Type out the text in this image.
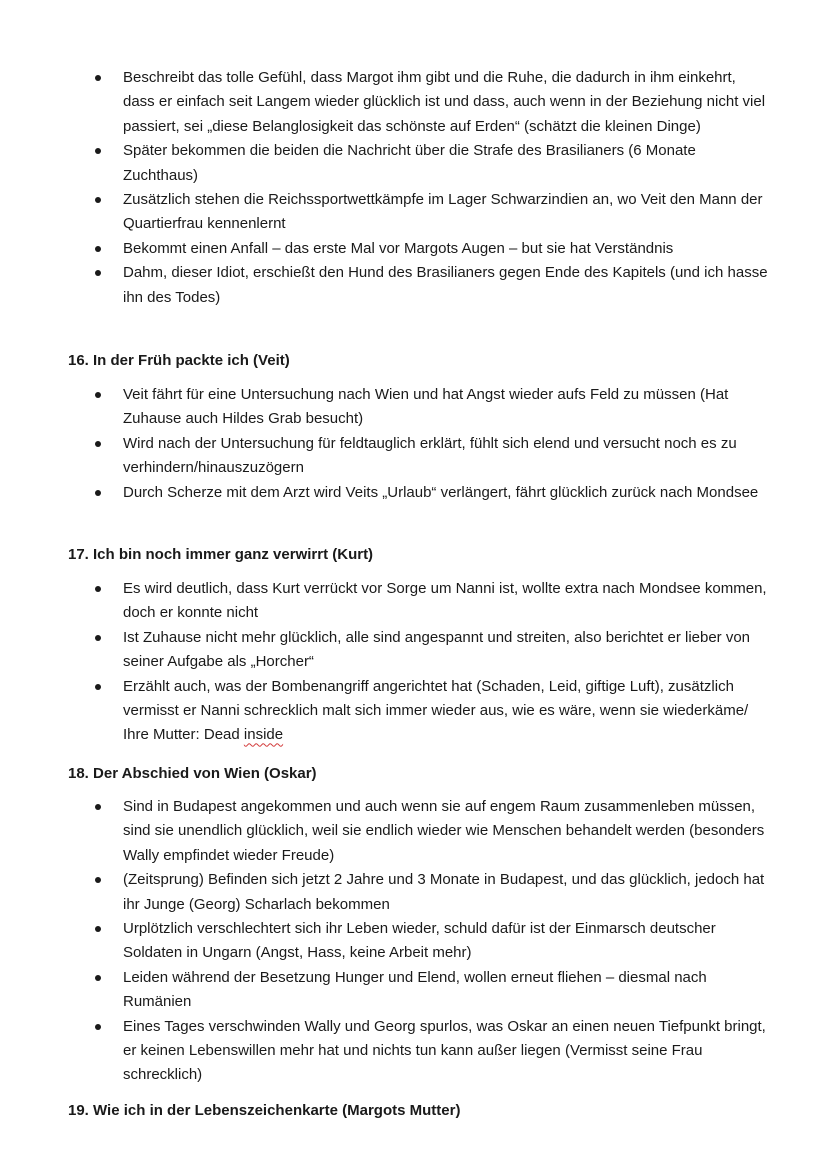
Beschreibt das tolle Gefühl, dass Margot ihm gibt und die Ruhe, die dadurch in ihm einkehrt, dass er einfach seit Langem wieder glücklich ist und dass, auch wenn in der Beziehung nicht viel passiert, sei „diese Belanglosigkeit das schönste auf Erden“ (schätzt die kleinen Dinge)
Später bekommen die beiden die Nachricht über die Strafe des Brasilianers (6 Monate Zuchthaus)
Zusätzlich stehen die Reichssportwettkämpfe im Lager Schwarzindien an, wo Veit den Mann der Quartierfrau kennenlernt
Bekommt einen Anfall – das erste Mal vor Margots Augen – but sie hat Verständnis
Dahm, dieser Idiot, erschießt den Hund des Brasilianers gegen Ende des Kapitels (und ich hasse ihn des Todes)
16. In der Früh packte ich (Veit)
Veit fährt für eine Untersuchung nach Wien und hat Angst wieder aufs Feld zu müssen (Hat Zuhause auch Hildes Grab besucht)
Wird nach der Untersuchung für feldtauglich erklärt, fühlt sich elend und versucht noch es zu verhindern/hinauszuzögern
Durch Scherze mit dem Arzt wird Veits „Urlaub“ verlängert, fährt glücklich zurück nach Mondsee
17. Ich bin noch immer ganz verwirrt (Kurt)
Es wird deutlich, dass Kurt verrückt vor Sorge um Nanni ist, wollte extra nach Mondsee kommen, doch er konnte nicht
Ist Zuhause nicht mehr glücklich, alle sind angespannt und streiten, also berichtet er lieber von seiner Aufgabe als „Horcher“
Erzählt auch, was der Bombenangriff angerichtet hat (Schaden, Leid, giftige Luft), zusätzlich vermisst er Nanni schrecklich malt sich immer wieder aus, wie es wäre, wenn sie wiederkäme/ Ihre Mutter: Dead inside
18. Der Abschied von Wien (Oskar)
Sind in Budapest angekommen und auch wenn sie auf engem Raum zusammenleben müssen, sind sie unendlich glücklich, weil sie endlich wieder wie Menschen behandelt werden (besonders Wally empfindet wieder Freude)
(Zeitsprung) Befinden sich jetzt 2 Jahre und 3 Monate in Budapest, und das glücklich, jedoch hat ihr Junge (Georg) Scharlach bekommen
Urplötzlich verschlechtert sich ihr Leben wieder, schuld dafür ist der Einmarsch deutscher Soldaten in Ungarn (Angst, Hass, keine Arbeit mehr)
Leiden während der Besetzung Hunger und Elend, wollen erneut fliehen – diesmal nach Rumänien
Eines Tages verschwinden Wally und Georg spurlos, was Oskar an einen neuen Tiefpunkt bringt, er keinen Lebenswillen mehr hat und nichts tun kann außer liegen (Vermisst seine Frau schrecklich)
19. Wie ich in der Lebenszeichenkarte (Margots Mutter)
